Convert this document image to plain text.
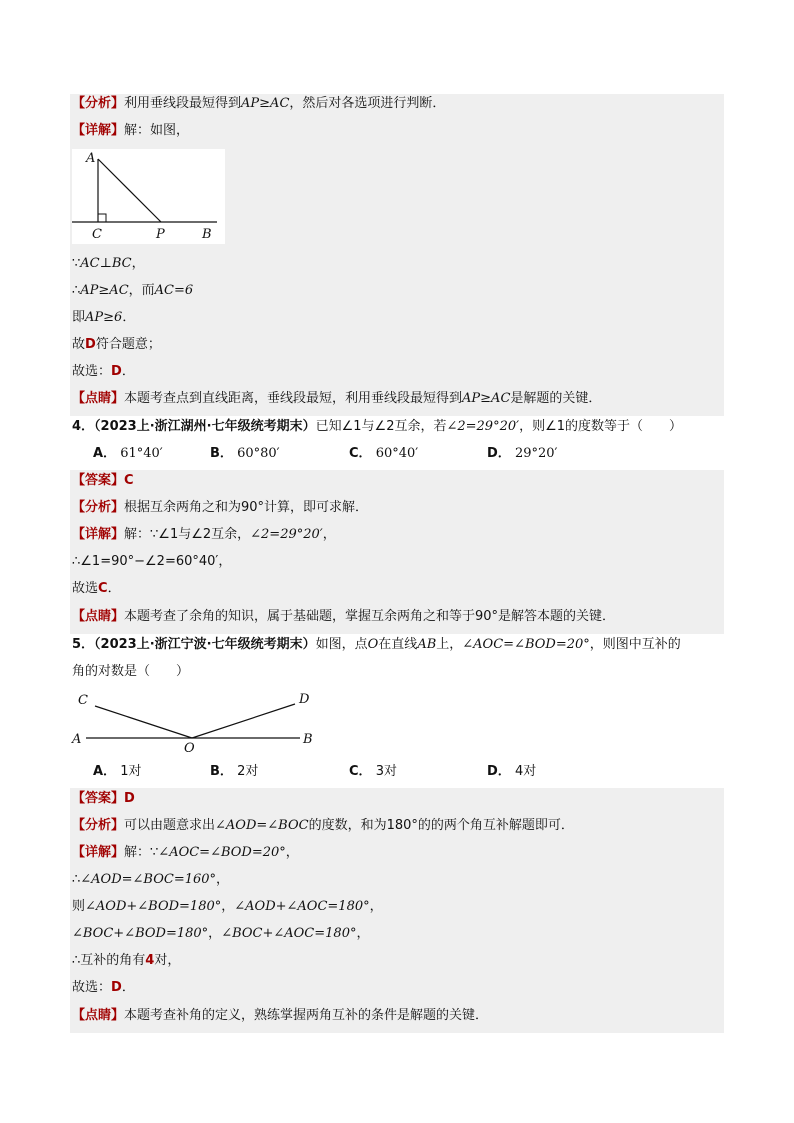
【分析】利用垂线段最短得到AP≥AC，然后对各选项进行判断．
【详解】解：如图，
A
C	P	B
∵AC⊥BC，
∴AP≥AC，而AC=6
即AP≥6．
故D符合题意；
故选：D．
【点睛】本题考查点到直线距离，垂线段最短，利用垂线段最短得到AP≥AC是解题的关键．
4．（2023上·浙江湖州·七年级统考期末）已知∠1与∠2互余，若∠2=29°20′，则∠1的度数等于（　　）
A． 61°40′	B． 60°80′	C． 60°40′	D． 29°20′
【答案】C
【分析】根据互余两角之和为90°计算，即可求解．
【详解】解：∵∠1与∠2互余，∠2=29°20′，
∴∠1=90°−∠2=60°40′，
故选C．
【点睛】本题考查了余角的知识，属于基础题，掌握互余两角之和等于90°是解答本题的关键．
5．（2023上·浙江宁波·七年级统考期末）如图，点O在直线AB上，∠AOC=∠BOD=20°，则图中互补的
角的对数是（　　）
C	D
A
O
B
A． 1对	B． 2对	C． 3对	D． 4对
【答案】D
【分析】可以由题意求出∠AOD=∠BOC的度数，和为180°的的两个角互补解题即可．
【详解】解：∵∠AOC=∠BOD=20°，
∴∠AOD=∠BOC=160°，
则∠AOD+∠BOD=180°，∠AOD+∠AOC=180°，
∠BOC+∠BOD=180°，∠BOC+∠AOC=180°，
∴互补的角有4对，
故选：D．
【点睛】本题考查补角的定义，熟练掌握两角互补的条件是解题的关键．
